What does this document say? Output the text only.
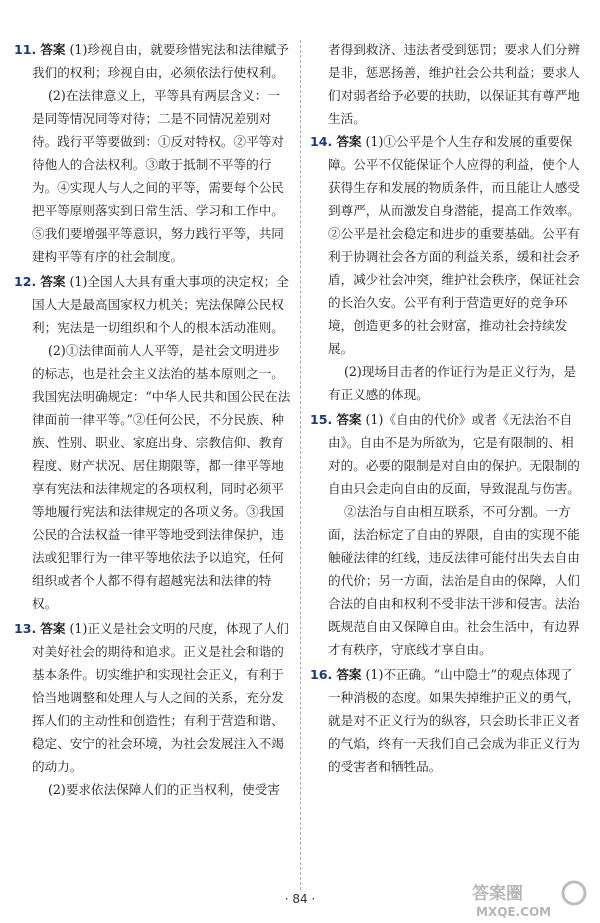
11. 答案 (1)珍视自由，就要珍惜宪法和法律赋予我们的权利；珍视自由，必须依法行使权利。

(2)在法律意义上，平等具有两层含义：一是同等情况同等对待；二是不同情况差别对待。践行平等要做到：①反对特权。②平等对待他人的合法权利。③敢于抵制不平等的行为。④实现人与人之间的平等，需要每个公民把平等原则落实到日常生活、学习和工作中。⑤我们要增强平等意识，努力践行平等，共同建构平等有序的社会制度。

12. 答案 (1)全国人大具有重大事项的决定权；全国人大是最高国家权力机关；宪法保障公民权利；宪法是一切组织和个人的根本活动准则。

(2)①法律面前人人平等，是社会文明进步的标志，也是社会主义法治的基本原则之一。我国宪法明确规定：“中华人民共和国公民在法律面前一律平等。”②任何公民，不分民族、种族、性别、职业、家庭出身、宗教信仰、教育程度、财产状况、居住期限等，都一律平等地享有宪法和法律规定的各项权利，同时必须平等地履行宪法和法律规定的各项义务。③我国公民的合法权益一律平等地受到法律保护，违法或犯罪行为一律平等地依法予以追究，任何组织或者个人都不得有超越宪法和法律的特权。

13. 答案 (1)正义是社会文明的尺度，体现了人们对美好社会的期待和追求。正义是社会和谐的基本条件。切实维护和实现社会正义，有利于恰当地调整和处理人与人之间的关系，充分发挥人们的主动性和创造性；有利于营造和谐、稳定、安宁的社会环境，为社会发展注入不竭的动力。

(2)要求依法保障人们的正当权利，使受害

者得到救济、违法者受到惩罚；要求人们分辨是非，惩恶扬善，维护社会公共利益；要求人们对弱者给予必要的扶助，以保证其有尊严地生活。

14. 答案 (1)①公平是个人生存和发展的重要保障。公平不仅能保证个人应得的利益，使个人获得生存和发展的物质条件，而且能让人感受到尊严，从而激发自身潜能，提高工作效率。②公平是社会稳定和进步的重要基础。公平有利于协调社会各方面的利益关系，缓和社会矛盾，减少社会冲突，维护社会秩序，保证社会的长治久安。公平有利于营造更好的竞争环境，创造更多的社会财富，推动社会持续发展。

(2)现场目击者的作证行为是正义行为，是有正义感的体现。

15. 答案 (1)《自由的代价》或者《无法治不自由》。自由不是为所欲为，它是有限制的、相对的。必要的限制是对自由的保护。无限制的自由只会走向自由的反面，导致混乱与伤害。

②法治与自由相互联系，不可分割。一方面，法治标定了自由的界限，自由的实现不能触碰法律的红线，违反法律可能付出失去自由的代价；另一方面，法治是自由的保障，人们合法的自由和权利不受非法干涉和侵害。法治既规范自由又保障自由。社会生活中，有边界才有秩序，守底线才享自由。

16. 答案 (1)不正确。“山中隐士”的观点体现了一种消极的态度。如果失掉维护正义的勇气，就是对不正义行为的纵容，只会助长非正义者的气焰，终有一天我们自己会成为非正义行为的受害者和牺牲品。

· 84 ·	答案圈
MXQE.COM
